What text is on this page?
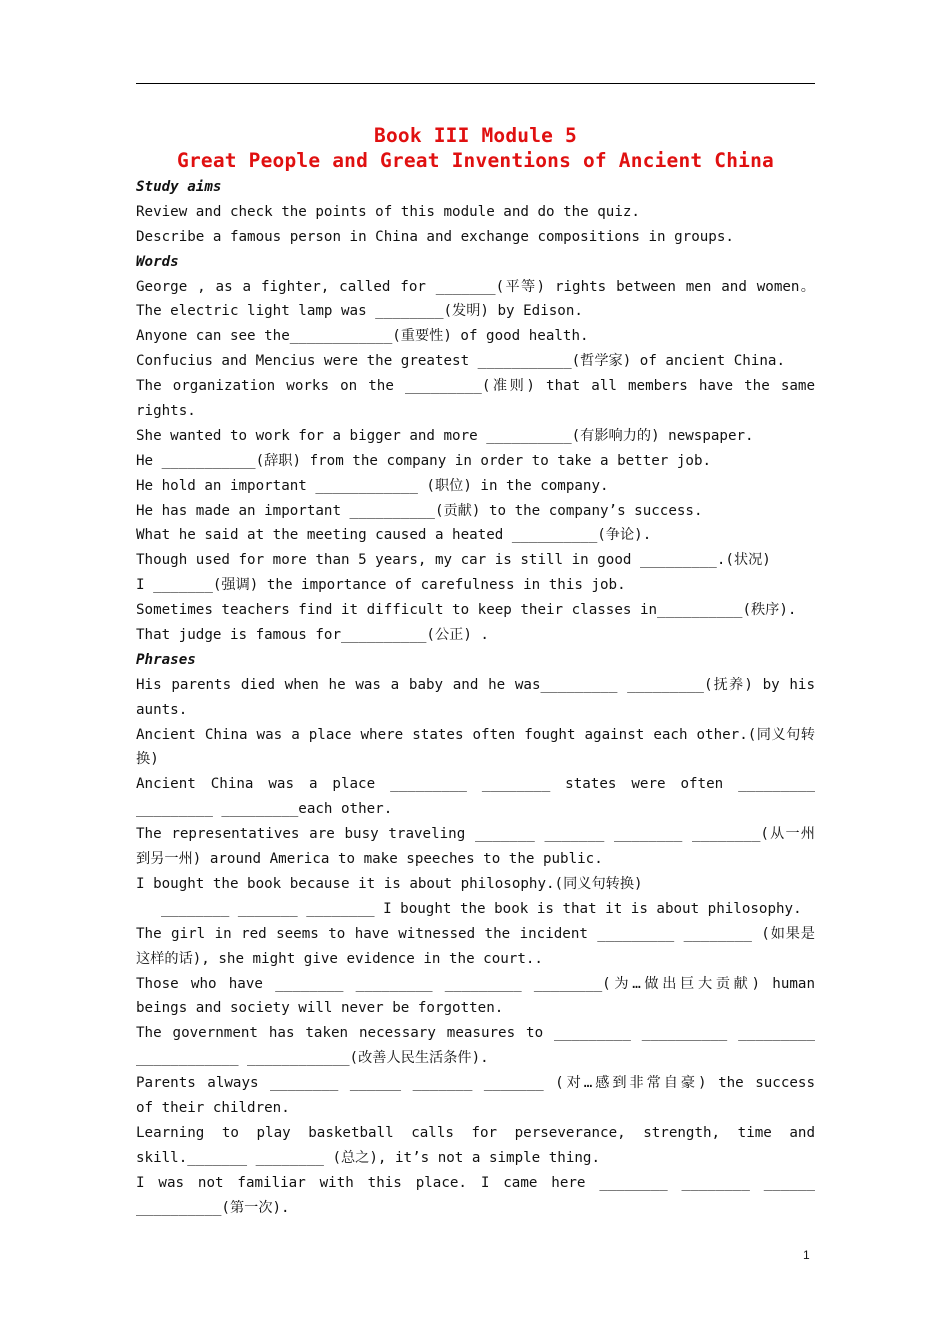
Book III Module 5
Great People and Great Inventions of Ancient China
Study aims
Review and check the points of this module and do the quiz.
Describe a famous person in China and exchange compositions in groups.
Words
George , as a fighter, called for _______(平等) rights between men and women。
The electric light lamp was ________(发明) by Edison.
Anyone can see the____________(重要性) of good health.
Confucius and Mencius were the greatest ___________(哲学家) of ancient China.
The organization works on the _________(准则) that all members have the same
rights.
She wanted to work for a bigger and more __________(有影响力的) newspaper.
He ___________(辞职) from the company in order to take a better job.
He hold an important ____________ (职位) in the company.
He has made an important __________(贡献) to the company’s success.
What he said at the meeting caused a heated __________(争论).
Though used for more than 5 years, my car is still in good _________.(状况)
I _______(强调) the importance of carefulness in this job.
Sometimes teachers find it difficult to keep their classes in__________(秩序).
That judge is famous for__________(公正) .
Phrases
His parents died when he was a baby and he was_________ _________(抚养) by his
aunts.
Ancient China was a place where states often fought against each other.(同义句转
换)
Ancient China was a place _________ ________ states were often _________
_________ _________each other.
The representatives are busy traveling _______ _______ ________ ________(从一州
到另一州) around America to make speeches to the public.
I bought the book because it is about philosophy.(同义句转换)
________ _______ ________ I bought the book is that it is about philosophy.
The girl in red seems to have witnessed the incident _________ ________ (如果是
这样的话), she might give evidence in the court..
Those who have ________ _________ _________ ________(为…做出巨大贡献) human
beings and society will never be forgotten.
The government has taken necessary measures to _________ __________ _________
____________ ____________(改善人民生活条件).
Parents always ________ ______ _______ _______ (对…感到非常自豪) the success
of their children.
Learning to play basketball calls for perseverance, strength, time and
skill._______ ________ (总之), it’s not a simple thing.
I was not familiar with this place. I came here ________ ________ ______
__________(第一次).
1
